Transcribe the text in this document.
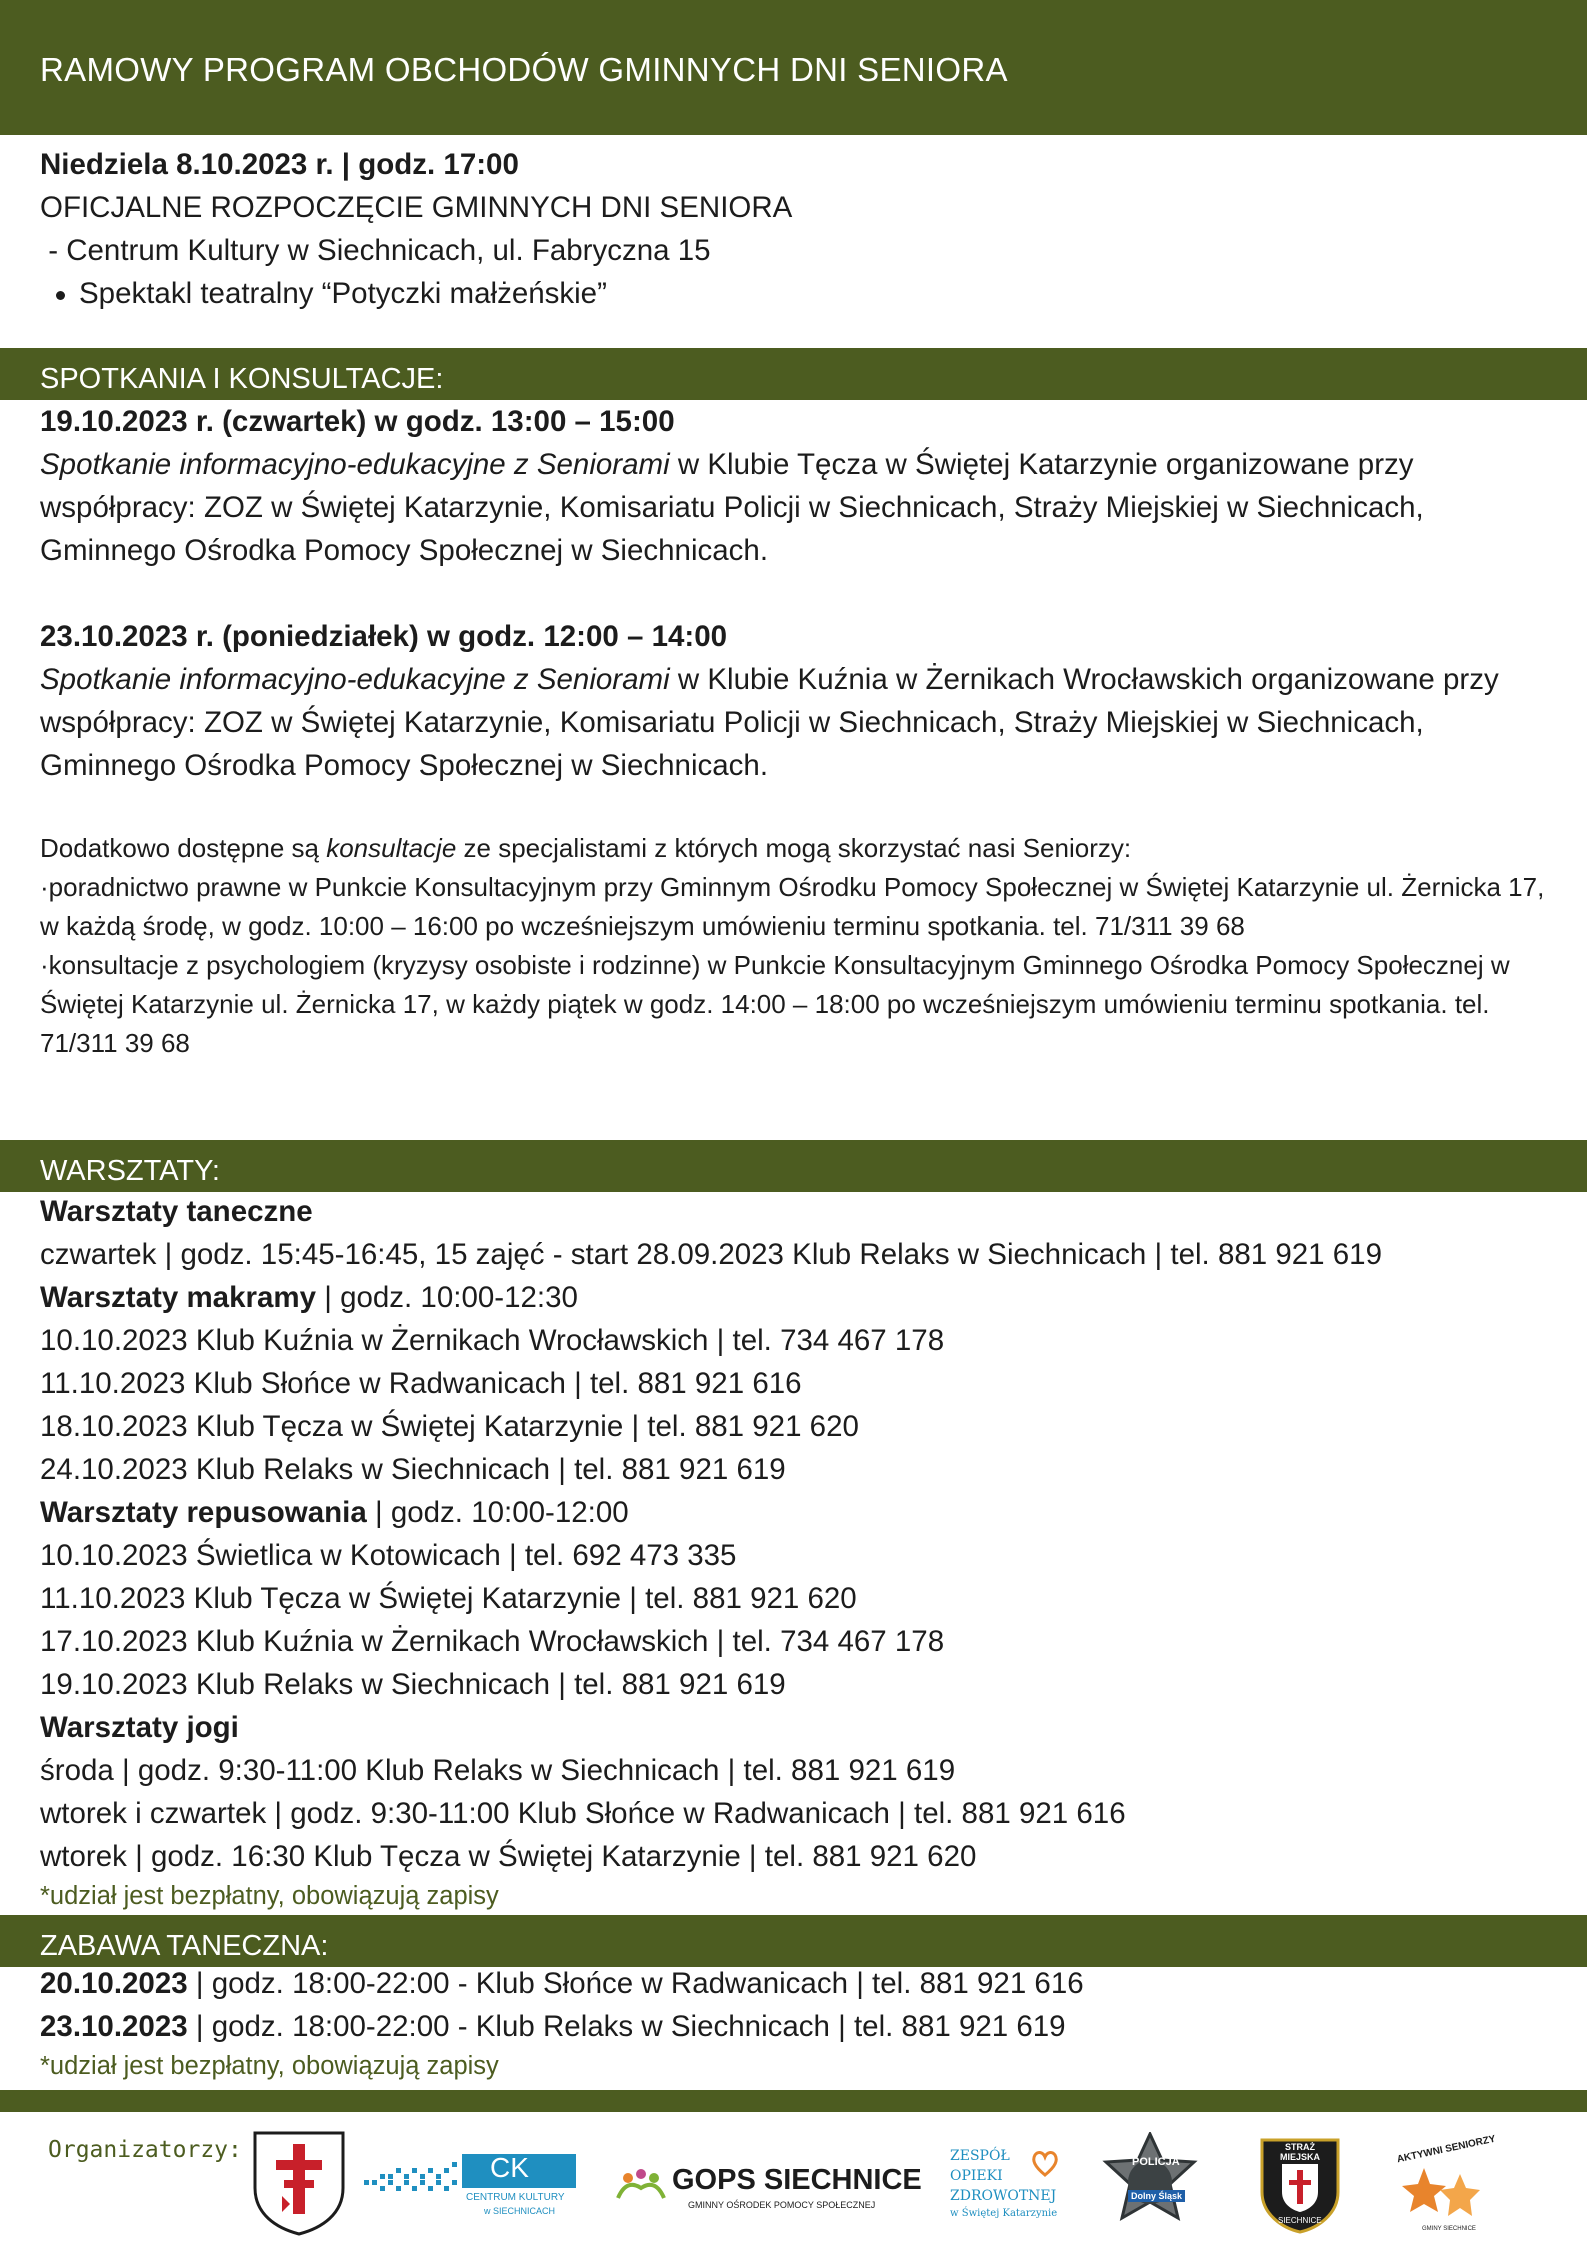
RAMOWY PROGRAM OBCHODÓW GMINNYCH DNI SENIORA
Niedziela 8.10.2023 r. | godz. 17:00
OFICJALNE ROZPOCZĘCIE GMINNYCH DNI SENIORA
- Centrum Kultury w Siechnicach, ul. Fabryczna 15
Spektakl teatralny “Potyczki małżeńskie”
SPOTKANIA I KONSULTACJE:
19.10.2023 r. (czwartek) w godz. 13:00 – 15:00
Spotkanie informacyjno-edukacyjne z Seniorami w Klubie Tęcza w Świętej Katarzynie organizowane przy współpracy: ZOZ w Świętej Katarzynie, Komisariatu Policji w Siechnicach, Straży Miejskiej w Siechnicach, Gminnego Ośrodka Pomocy Społecznej w Siechnicach.
23.10.2023 r. (poniedziałek) w godz. 12:00 – 14:00
Spotkanie informacyjno-edukacyjne z Seniorami w Klubie Kuźnia w Żernikach Wrocławskich organizowane przy współpracy: ZOZ w Świętej Katarzynie, Komisariatu Policji w Siechnicach, Straży Miejskiej w Siechnicach, Gminnego Ośrodka Pomocy Społecznej w Siechnicach.
Dodatkowo dostępne są konsultacje ze specjalistami z których mogą skorzystać nasi Seniorzy:
·poradnictwo prawne w Punkcie Konsultacyjnym przy Gminnym Ośrodku Pomocy Społecznej w Świętej Katarzynie ul. Żernicka 17, w każdą środę, w godz. 10:00 – 16:00 po wcześniejszym umówieniu terminu spotkania. tel. 71/311 39 68
·konsultacje z psychologiem (kryzysy osobiste i rodzinne) w Punkcie Konsultacyjnym Gminnego Ośrodka Pomocy Społecznej w Świętej Katarzynie ul. Żernicka 17, w każdy piątek w godz. 14:00 – 18:00 po wcześniejszym umówieniu terminu spotkania. tel. 71/311 39 68
WARSZTATY:
Warsztaty taneczne
czwartek | godz. 15:45-16:45, 15 zajęć - start 28.09.2023 Klub Relaks w Siechnicach | tel. 881 921 619
Warsztaty makramy | godz. 10:00-12:30
10.10.2023 Klub Kuźnia w Żernikach Wrocławskich | tel. 734 467 178
11.10.2023 Klub Słońce w Radwanicach | tel. 881 921 616
18.10.2023 Klub Tęcza w Świętej Katarzynie | tel. 881 921 620
24.10.2023 Klub Relaks w Siechnicach | tel. 881 921 619
Warsztaty repusowania | godz. 10:00-12:00
10.10.2023 Świetlica w Kotowicach | tel. 692 473 335
11.10.2023 Klub Tęcza w Świętej Katarzynie | tel. 881 921 620
17.10.2023 Klub Kuźnia w Żernikach Wrocławskich | tel. 734 467 178
19.10.2023 Klub Relaks w Siechnicach | tel. 881 921 619
Warsztaty jogi
środa | godz. 9:30-11:00 Klub Relaks w Siechnicach | tel. 881 921 619
wtorek i czwartek | godz. 9:30-11:00 Klub Słońce w Radwanicach | tel. 881 921 616
wtorek | godz. 16:30 Klub Tęcza w Świętej Katarzynie | tel. 881 921 620
*udział jest bezpłatny, obowiązują zapisy
ZABAWA TANECZNA:
20.10.2023 | godz. 18:00-22:00 - Klub Słońce w Radwanicach | tel. 881 921 616
23.10.2023 | godz. 18:00-22:00 - Klub Relaks w Siechnicach | tel. 881 921 619
*udział jest bezpłatny, obowiązują zapisy
Organizatorzy:
CK
CENTRUM KULTURY
w SIECHNICACH
GOPS SIECHNICE
GMINNY OŚRODEK POMOCY SPOŁECZNEJ
ZESPÓŁ
OPIEKI
ZDROWOTNEJ
w Świętej Katarzynie
POLICJA
Dolny Śląsk
STRAŻ
MIEJSKA
SIECHNICE
AKTYWNI SENIORZY
GMINY SIECHNICE
